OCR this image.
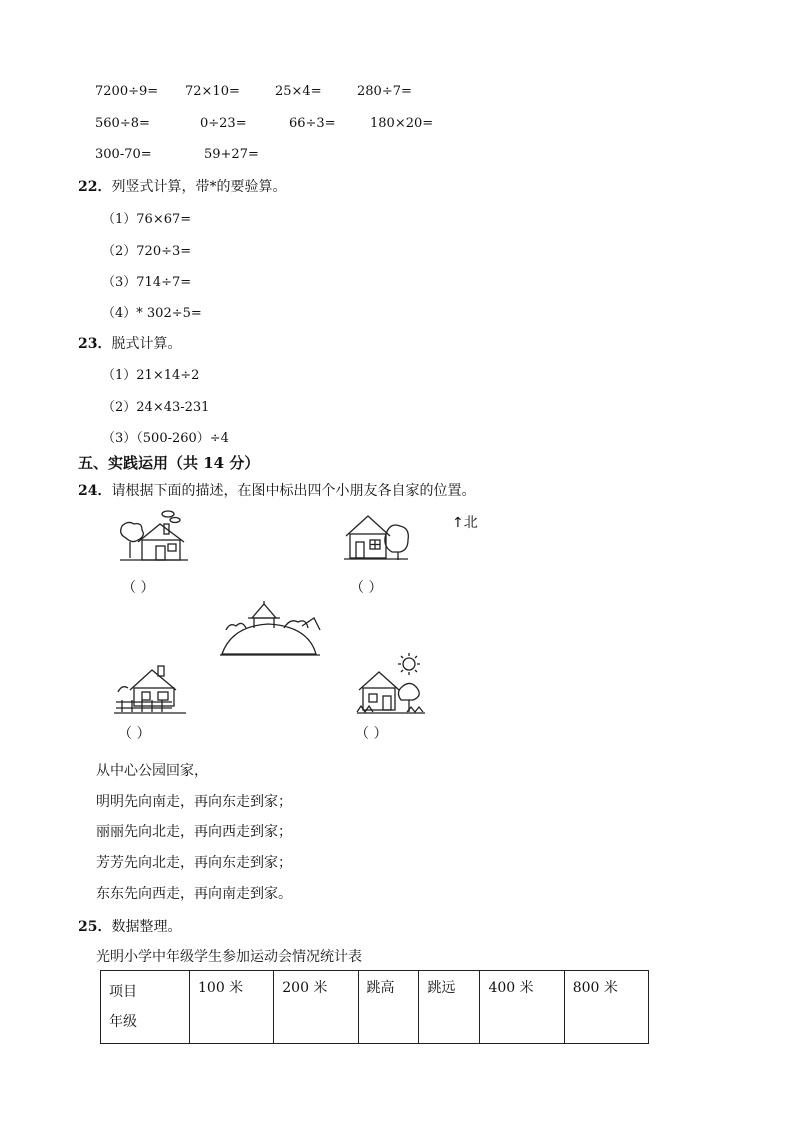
7200÷9= 72×10=	25×4=	280÷7=
560÷8=	0÷23=	66÷3=	180×20=
300-70=	59+27=
22．列竖式计算，带*的要验算。
（1）76×67=
（2）720÷3=
（3）714÷7=
（4）* 302÷5=
23．脱式计算。
（1）21×14÷2
（2）24×43-231
（3）（500-260）÷4
五、实践运用（共 14 分）
24．请根据下面的描述，在图中标出四个小朋友各自家的位置。
（ ）	（ ）
↑北
（ ）	（ ）
从中心公园回家，
明明先向南走，再向东走到家；
丽丽先向北走，再向西走到家；
芳芳先向北走，再向东走到家；
东东先向西走，再向南走到家。
25．数据整理。
光明小学中年级学生参加运动会情况统计表
项目
年级
	100 米	200 米	跳高	跳远	400 米	800 米
